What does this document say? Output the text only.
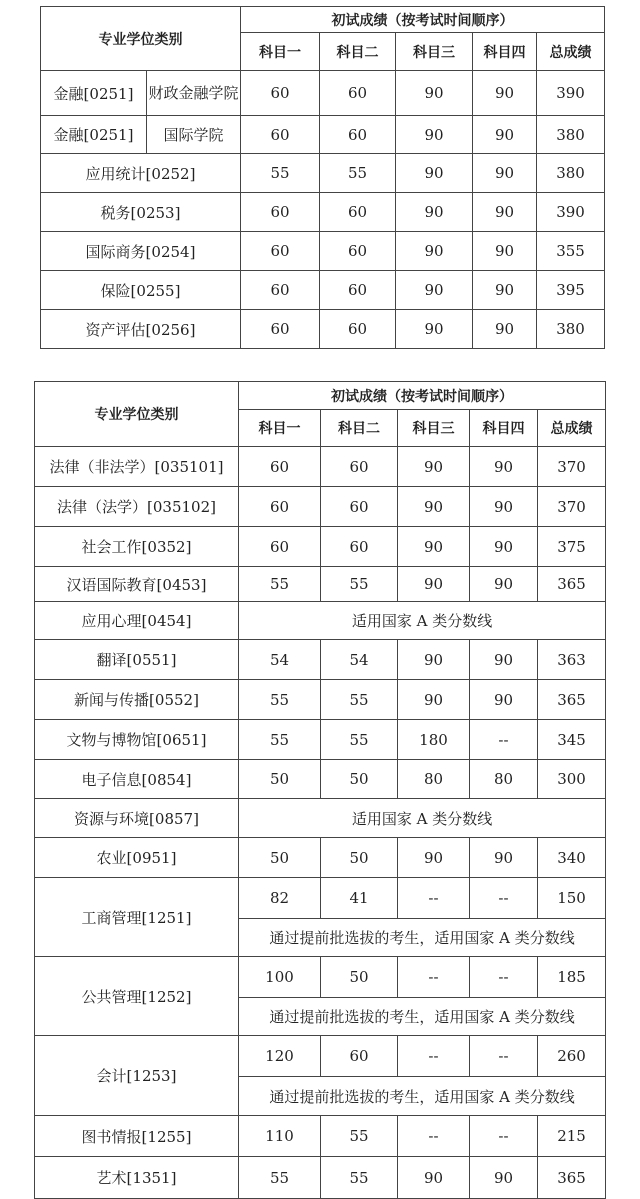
专业学位类别		初试成绩（按考试时间顺序）				
		科目一	科目二	科目三	科目四	总成绩
金融[0251]	财政金融学院	60	60	90	90	390
金融[0251]	国际学院	60	60	90	90	380
应用统计[0252]		55	55	90	90	380
税务[0253]		60	60	90	90	390
国际商务[0254]		60	60	90	90	355
保险[0255]		60	60	90	90	395
资产评估[0256]		60	60	90	90	380
专业学位类别	初试成绩（按考试时间顺序）				
	科目一	科目二	科目三	科目四	总成绩
法律（非法学）[035101]	60	60	90	90	370
法律（法学）[035102]	60	60	90	90	370
社会工作[0352]	60	60	90	90	375
汉语国际教育[0453]	55	55	90	90	365
应用心理[0454]	适用国家 A 类分数线				
翻译[0551]	54	54	90	90	363
新闻与传播[0552]	55	55	90	90	365
文物与博物馆[0651]	55	55	180	--	345
电子信息[0854]	50	50	80	80	300
资源与环境[0857]	适用国家 A 类分数线				
农业[0951]	50	50	90	90	340
工商管理[1251]	82	41	--	--	150
	通过提前批选拔的考生，适用国家 A 类分数线				
公共管理[1252]	100	50	--	--	185
	通过提前批选拔的考生，适用国家 A 类分数线				
会计[1253]	120	60	--	--	260
	通过提前批选拔的考生，适用国家 A 类分数线				
图书情报[1255]	110	55	--	--	215
艺术[1351]	55	55	90	90	365
